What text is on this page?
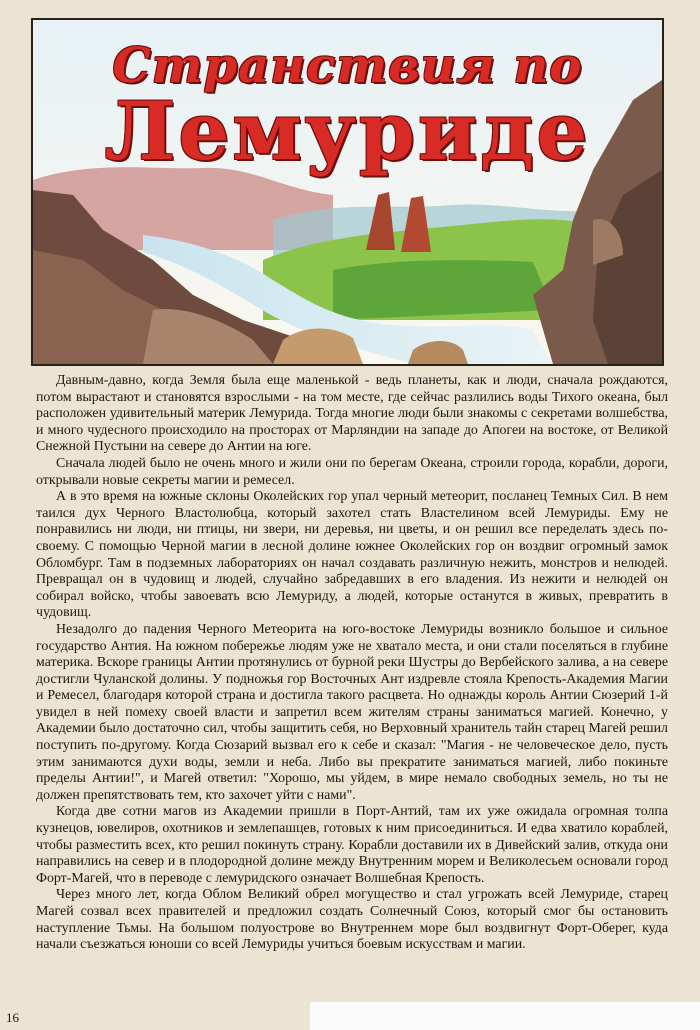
Странствия по
Лемуриде

Давным-давно, когда Земля была еще маленькой - ведь планеты, как и люди, сначала рождаются, потом вырастают и становятся взрослыми - на том месте, где сейчас разлились воды Тихого океана, был расположен удивительный материк Лемурида. Тогда многие люди были знакомы с секретами волшебства, и много чудесного происходило на просторах от Марляндии на западе до Апогеи на востоке, от Великой Снежной Пустыни на севере до Антии на юге.

Сначала людей было не очень много и жили они по берегам Океана, строили города, корабли, дороги, открывали новые секреты магии и ремесел.

А в это время на южные склоны Околейских гор упал черный метеорит, посланец Темных Сил. В нем таился дух Черного Властолюбца, который захотел стать Властелином всей Лемуриды. Ему не понравились ни люди, ни птицы, ни звери, ни деревья, ни цветы, и он решил все переделать здесь по-своему. С помощью Черной магии в лесной долине южнее Околейских гор он воздвиг огромный замок Обломбург. Там в подземных лабораториях он начал создавать различную нежить, монстров и нелюдей. Превращал он в чудовищ и людей, случайно забредавших в его владения. Из нежити и нелюдей он собирал войско, чтобы завоевать всю Лемуриду, а людей, которые останутся в живых, превратить в чудовищ.

Незадолго до падения Черного Метеорита на юго-востоке Лемуриды возникло большое и сильное государство Антия. На южном побережье людям уже не хватало места, и они стали поселяться в глубине материка. Вскоре границы Антии протянулись от бурной реки Шустры до Вербейского залива, а на севере достигли Чуланской долины. У подножья гор Восточных Ант издревле стояла Крепость-Академия Магии и Ремесел, благодаря которой страна и достигла такого расцвета. Но однажды король Антии Сюзерий 1-й увидел в ней помеху своей власти и запретил всем жителям страны заниматься магией. Конечно, у Академии было достаточно сил, чтобы защитить себя, но Верховный хранитель тайн старец Магей решил поступить по-другому. Когда Сюзарий вызвал его к себе и сказал: "Магия - не человеческое дело, пусть этим занимаются духи воды, земли и неба. Либо вы прекратите заниматься магией, либо покиньте пределы Антии!", и Магей ответил: "Хорошо, мы уйдем, в мире немало свободных земель, но ты не должен препятствовать тем, кто захочет уйти с нами".

Когда две сотни магов из Академии пришли в Порт-Антий, там их уже ожидала огромная толпа кузнецов, ювелиров, охотников и землепашцев, готовых к ним присоединиться. И едва хватило кораблей, чтобы разместить всех, кто решил покинуть страну. Корабли доставили их в Дивейский залив, откуда они направились на север и в плодородной долине между Внутренним морем и Великолесьем основали город Форт-Магей, что в переводе с лемуридского означает Волшебная Крепость.

Через много лет, когда Облом Великий обрел могущество и стал угрожать всей Лемуриде, старец Магей созвал всех правителей и предложил создать Солнечный Союз, который смог бы остановить наступление Тьмы. На большом полуострове во Внутреннем море был воздвигнут Форт-Оберег, куда начали съезжаться юноши со всей Лемуриды учиться боевым искусствам и магии.

16
